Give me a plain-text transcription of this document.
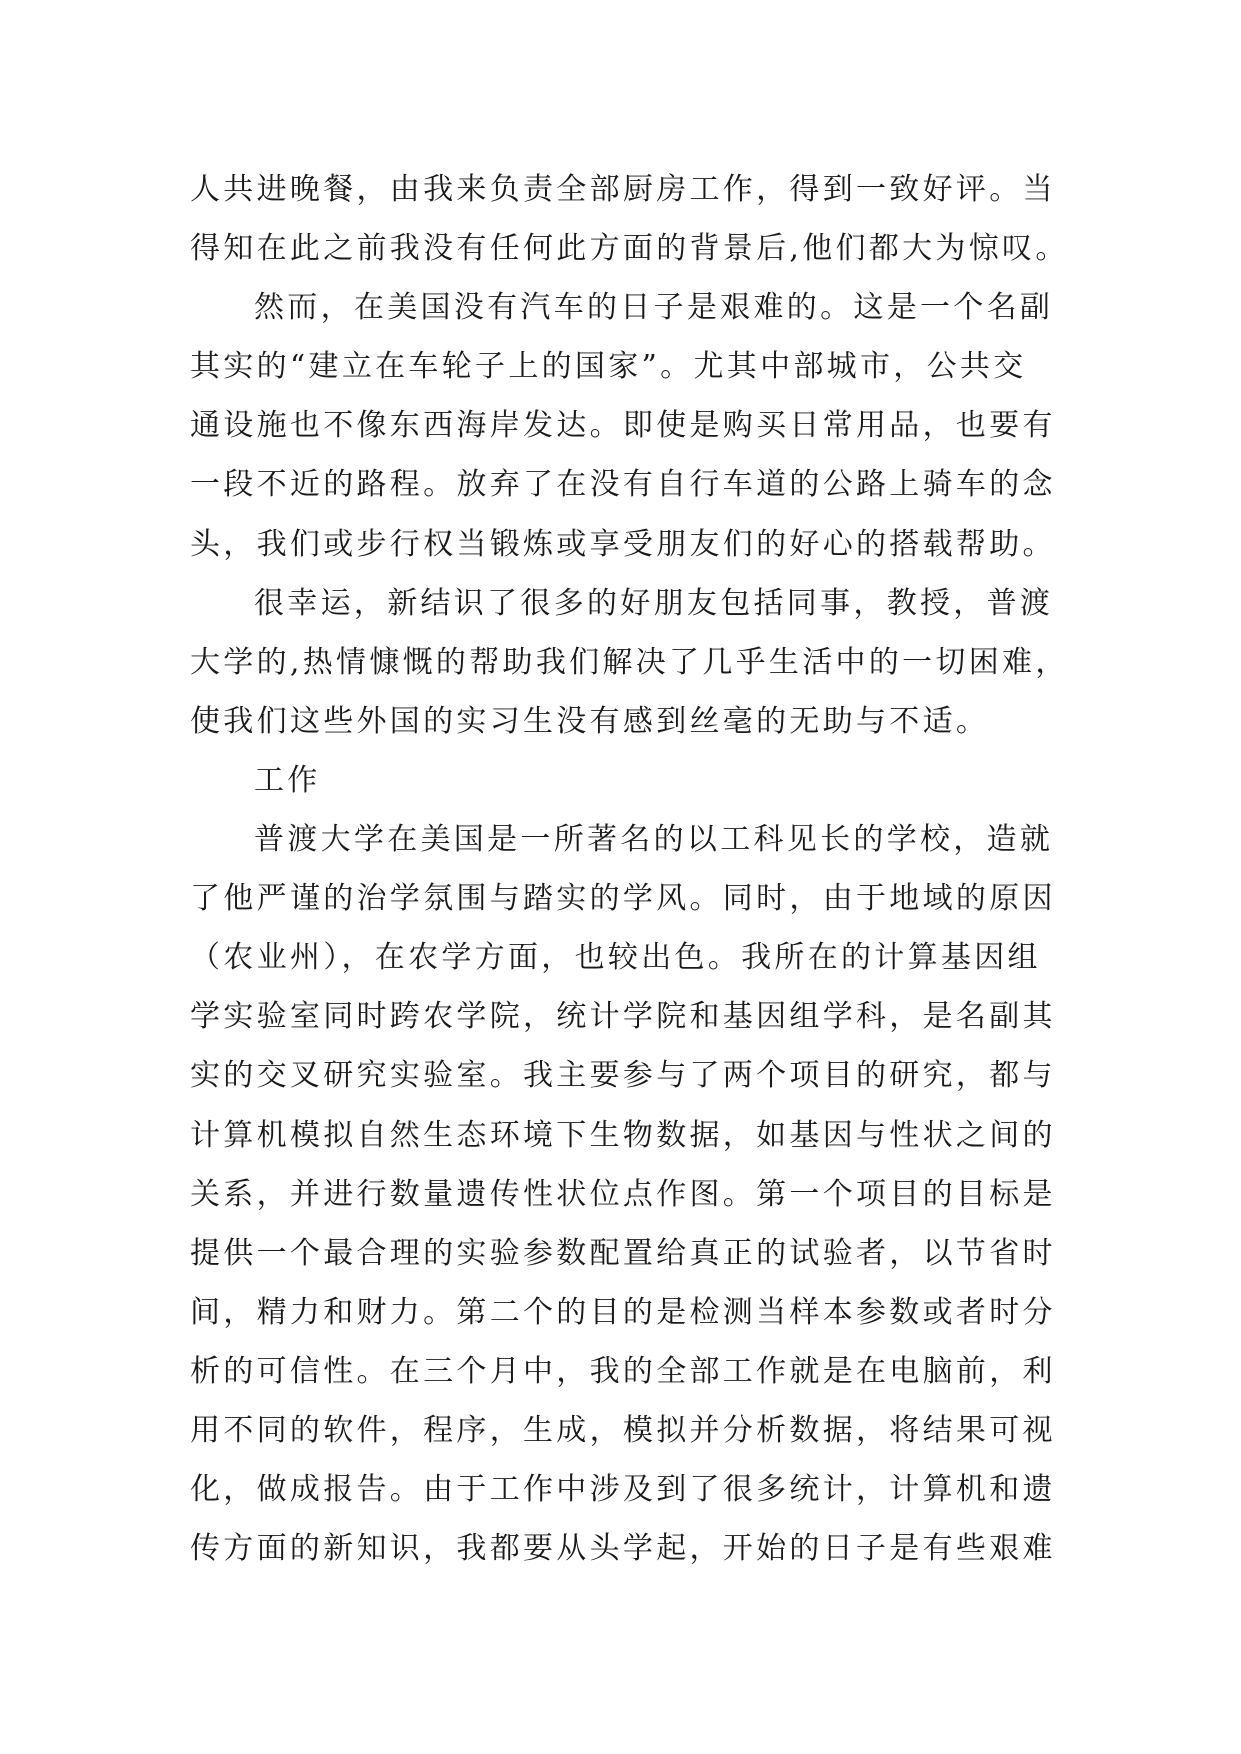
人共进晚餐，由我来负责全部厨房工作，得到一致好评。当
得知在此之前我没有任何此方面的背景后,他们都大为惊叹。
然而，在美国没有汽车的日子是艰难的。这是一个名副
其实的“建立在车轮子上的国家”。尤其中部城市，公共交
通设施也不像东西海岸发达。即使是购买日常用品，也要有
一段不近的路程。放弃了在没有自行车道的公路上骑车的念
头，我们或步行权当锻炼或享受朋友们的好心的搭载帮助。
很幸运，新结识了很多的好朋友包括同事，教授，普渡
大学的,热情慷慨的帮助我们解决了几乎生活中的一切困难，
使我们这些外国的实习生没有感到丝毫的无助与不适。
工作
普渡大学在美国是一所著名的以工科见长的学校，造就
了他严谨的治学氛围与踏实的学风。同时，由于地域的原因
（农业州），在农学方面，也较出色。我所在的计算基因组
学实验室同时跨农学院，统计学院和基因组学科，是名副其
实的交叉研究实验室。我主要参与了两个项目的研究，都与
计算机模拟自然生态环境下生物数据，如基因与性状之间的
关系，并进行数量遗传性状位点作图。第一个项目的目标是
提供一个最合理的实验参数配置给真正的试验者，以节省时
间，精力和财力。第二个的目的是检测当样本参数或者时分
析的可信性。在三个月中，我的全部工作就是在电脑前，利
用不同的软件，程序，生成，模拟并分析数据，将结果可视
化，做成报告。由于工作中涉及到了很多统计，计算机和遗
传方面的新知识，我都要从头学起，开始的日子是有些艰难
